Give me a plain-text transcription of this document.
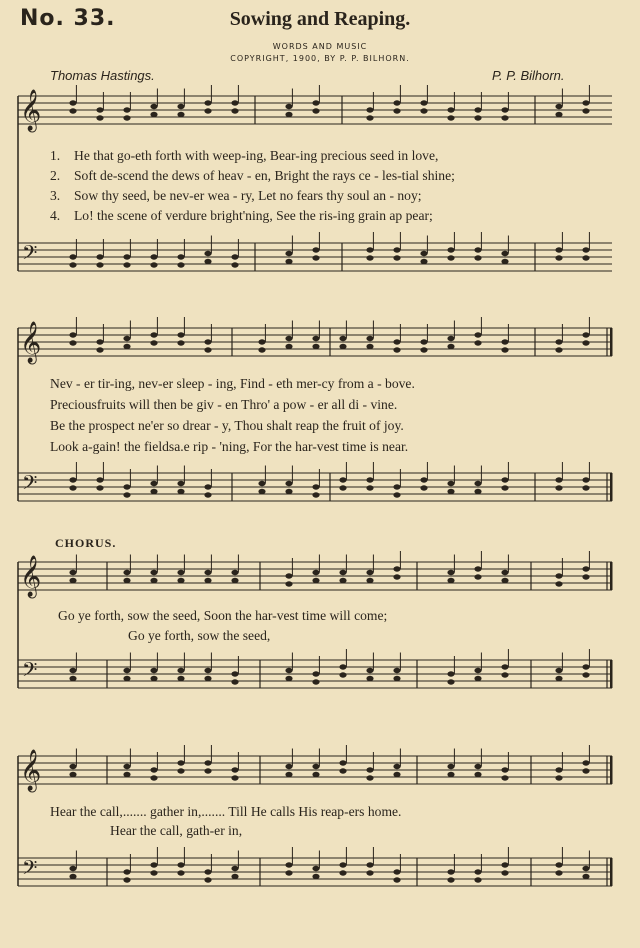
No. 33.	Sowing and Reaping.
WORDS AND MUSIC
COPYRIGHT, 1900, BY P. P. BILHORN.
Thomas Hastings.	P. P. Bilhorn.
𝄞
𝄢
𝄞
𝄢
𝄞
𝄢
𝄞
𝄢
1. He that go-eth forth with weep-ing, Bear-ing precious seed in love,
2. Soft de-scend the dews of heav - en, Bright the rays ce - les-tial shine;
3. Sow thy seed, be nev-er wea - ry, Let no fears thy soul an - noy;
4. Lo! the scene of verdure bright'ning, See the ris-ing grain ap pear;
Nev - er tir-ing, nev-er sleep - ing, Find - eth mer-cy from a - bove.
Preciousfruits will then be giv - en Thro' a pow - er all di - vine.
Be the prospect ne'er so drear - y, Thou shalt reap the fruit of joy.
Look a-gain! the fieldsa.e rip - 'ning, For the har-vest time is near.
CHORUS.
Go ye forth, sow the seed, Soon the har-vest time will come;
Go ye forth, sow the seed,
Hear the call,....... gather in,....... Till He calls His reap-ers home.
Hear the call, gath-er in,
